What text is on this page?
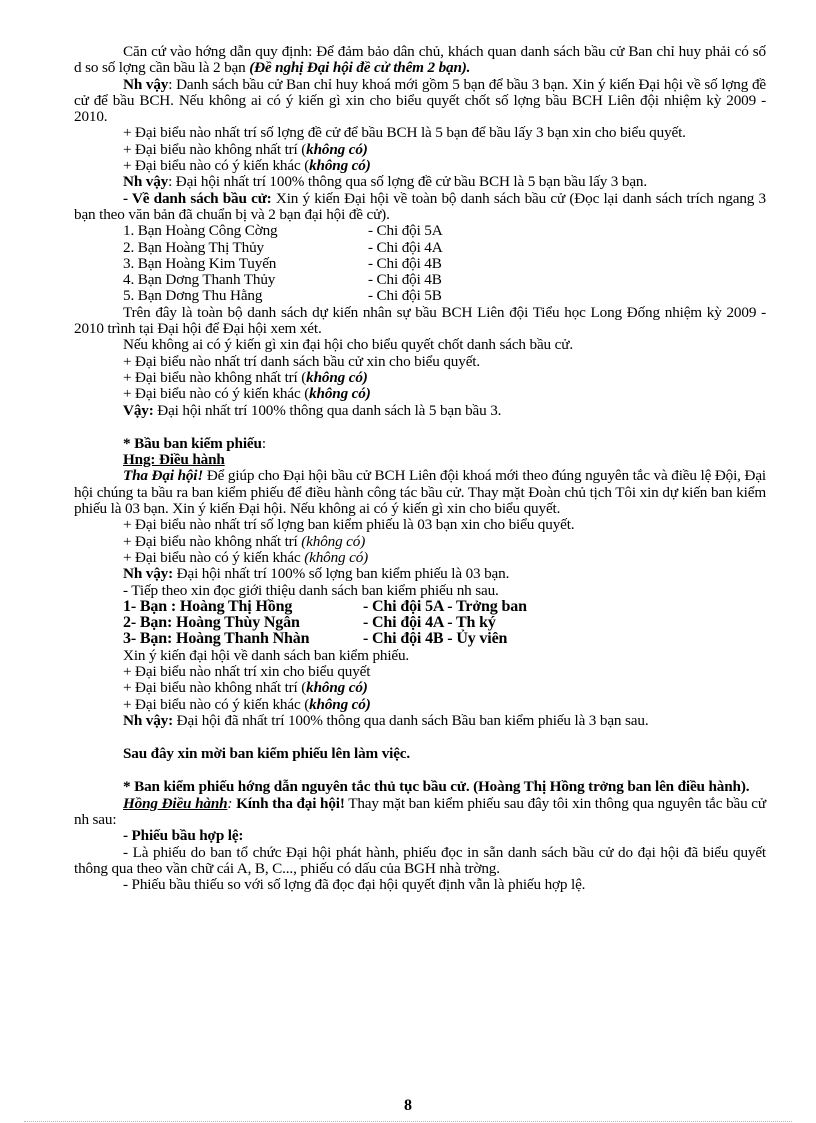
Căn cứ vào hớng dẫn quy định: Để đảm bảo dân chủ, khách quan danh sách bầu cử Ban chỉ huy phải có số d so số lợng cần bầu là 2 bạn (Đề nghị Đại hội đề cử thêm 2 bạn).

Nh vậy: Danh sách bầu cử Ban chỉ huy khoá mới gồm 5 bạn để bầu 3 bạn. Xin ý kiến Đại hội về số lợng đề cử để bầu BCH. Nếu không ai có ý kiến gì xin cho biểu quyết chốt số lợng bầu BCH Liên đội nhiệm kỳ 2009 - 2010.

+ Đại biểu nào nhất trí số lợng đề cử để bầu BCH là 5 bạn để bầu lấy 3 bạn xin cho biểu quyết.

+ Đại biểu nào không nhất trí (không có)

+ Đại biểu nào có ý kiến khác (không có)

Nh vậy: Đại hội nhất trí 100% thông qua số lợng đề cử bầu BCH là 5 bạn bầu lấy 3 bạn.

- Về danh sách bầu cử: Xin ý kiến Đại hội về toàn bộ danh sách bầu cử (Đọc lại danh sách trích ngang 3 bạn theo văn bản đã chuẩn bị và 2 bạn đại hội đề cử).

1. Bạn Hoàng Công Cờng	- Chi đội 5A
2. Bạn Hoàng Thị Thủy	- Chi đội 4A
3. Bạn Hoàng Kim Tuyến	- Chi đội 4B
4. Bạn Dơng Thanh Thủy	- Chi đội 4B
5. Bạn Dơng Thu Hằng	- Chi đội 5B

Trên đây là toàn bộ danh sách dự kiến nhân sự bầu BCH Liên đội Tiểu học Long Đống nhiệm kỳ 2009 - 2010 trình tại Đại hội để Đại hội xem xét.

Nếu không ai có ý kiến gì xin đại hội cho biểu quyết chốt danh sách bầu cử.

+ Đại biểu nào nhất trí danh sách bầu cử xin cho biểu quyết.

+ Đại biểu nào không nhất trí (không có)

+ Đại biểu nào có ý kiến khác (không có)

Vậy: Đại hội nhất trí 100% thông qua danh sách là 5 bạn bầu 3.

* Bầu ban kiểm phiếu:

Hng: Điều hành

Tha Đại hội! Để giúp cho Đại hội bầu cử BCH Liên đội khoá mới theo đúng nguyên tắc và điều lệ Đội, Đại hội chúng ta bầu ra ban kiểm phiếu để điều hành công tác bầu cử. Thay mặt Đoàn chủ tịch Tôi xin dự kiến ban kiểm phiếu là 03 bạn. Xin ý kiến Đại hội. Nếu không ai có ý kiến gì xin cho biểu quyết.

+ Đại biểu nào nhất trí số lợng ban kiểm phiếu là 03 bạn xin cho biểu quyết.

+ Đại biểu nào không nhất trí (không có)

+ Đại biểu nào có ý kiến khác (không có)

Nh vậy: Đại hội nhất trí 100% số lợng ban kiểm phiếu là 03 bạn.

- Tiếp theo xin đọc giới thiệu danh sách ban kiểm phiếu nh sau.

1- Bạn : Hoàng Thị Hồng	- Chi đội 5A - Trởng ban
2- Bạn: Hoàng Thùy Ngân	- Chi đội 4A - Th ký
3- Bạn: Hoàng Thanh Nhàn	- Chi đội 4B - Ủy viên

Xin ý kiến đại hội về danh sách ban kiểm phiếu.

+ Đại biểu nào nhất trí xin cho biểu quyết

+ Đại biểu nào không nhất trí (không có)

+ Đại biểu nào có ý kiến khác (không có)

Nh vậy: Đại hội đã nhất trí 100% thông qua danh sách Bầu ban kiểm phiếu là 3 bạn sau.

Sau đây xin mời ban kiểm phiếu lên làm việc.

* Ban kiểm phiếu hớng dẫn nguyên tắc thủ tục bầu cử. (Hoàng Thị Hồng trởng ban lên điều hành).

Hồng Điều hành: Kính tha đại hội! Thay mặt ban kiểm phiếu sau đây tôi xin thông qua nguyên tắc bầu cử nh sau:

- Phiếu bầu hợp lệ:

- Là phiếu do ban tổ chức Đại hội phát hành, phiếu đọc in sẵn danh sách bầu cử do đại hội đã biểu quyết thông qua theo vần chữ cái A, B, C..., phiếu có dấu của BGH nhà trờng.

- Phiếu bầu thiếu so với số lợng đã đọc đại hội quyết định vẫn là phiếu hợp lệ.

8
